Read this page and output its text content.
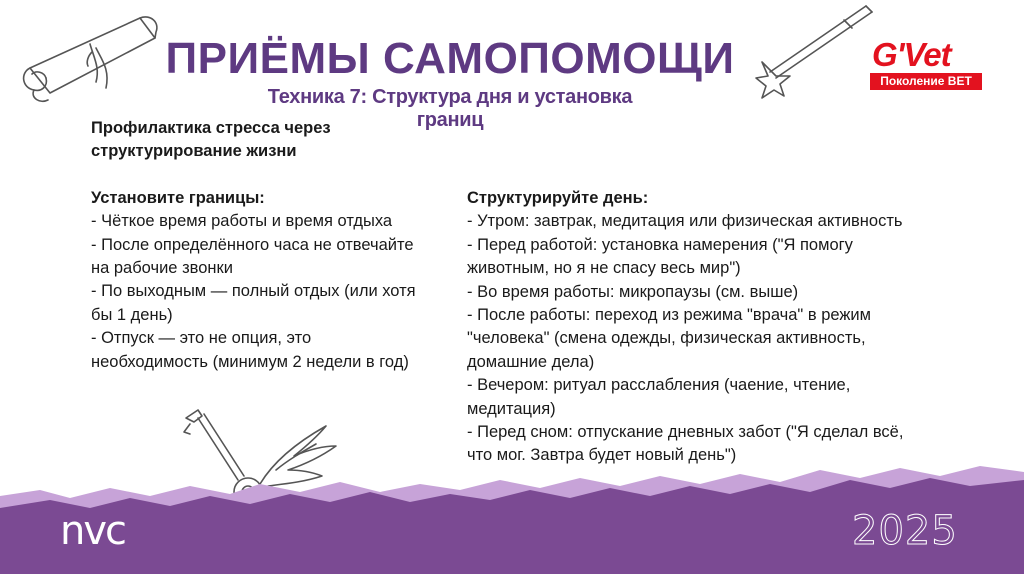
ПРИЁМЫ САМОПОМОЩИ
Техника 7: Структура дня и установка границ
G'Vet
Поколение ВЕТ
Профилактика стресса через
структурирование жизни
Установите границы:
- Чёткое время работы и время отдыха
- После определённого часа не отвечайте
на рабочие звонки
- По выходным — полный отдых (или хотя
бы 1 день)
- Отпуск — это не опция, это
необходимость (минимум 2 недели в год)
Структурируйте день:
- Утром: завтрак, медитация или физическая активность
- Перед работой: установка намерения ("Я помогу
животным, но я не спасу весь мир")
- Во время работы: микропаузы (см. выше)
- После работы: переход из режима "врача" в режим
"человека" (смена одежды, физическая активность,
домашние дела)
- Вечером: ритуал расслабления (чаение, чтение,
медитация)
- Перед сном: отпускание дневных забот ("Я сделал всё,
что мог. Завтра будет новый день")
nvc	2025
